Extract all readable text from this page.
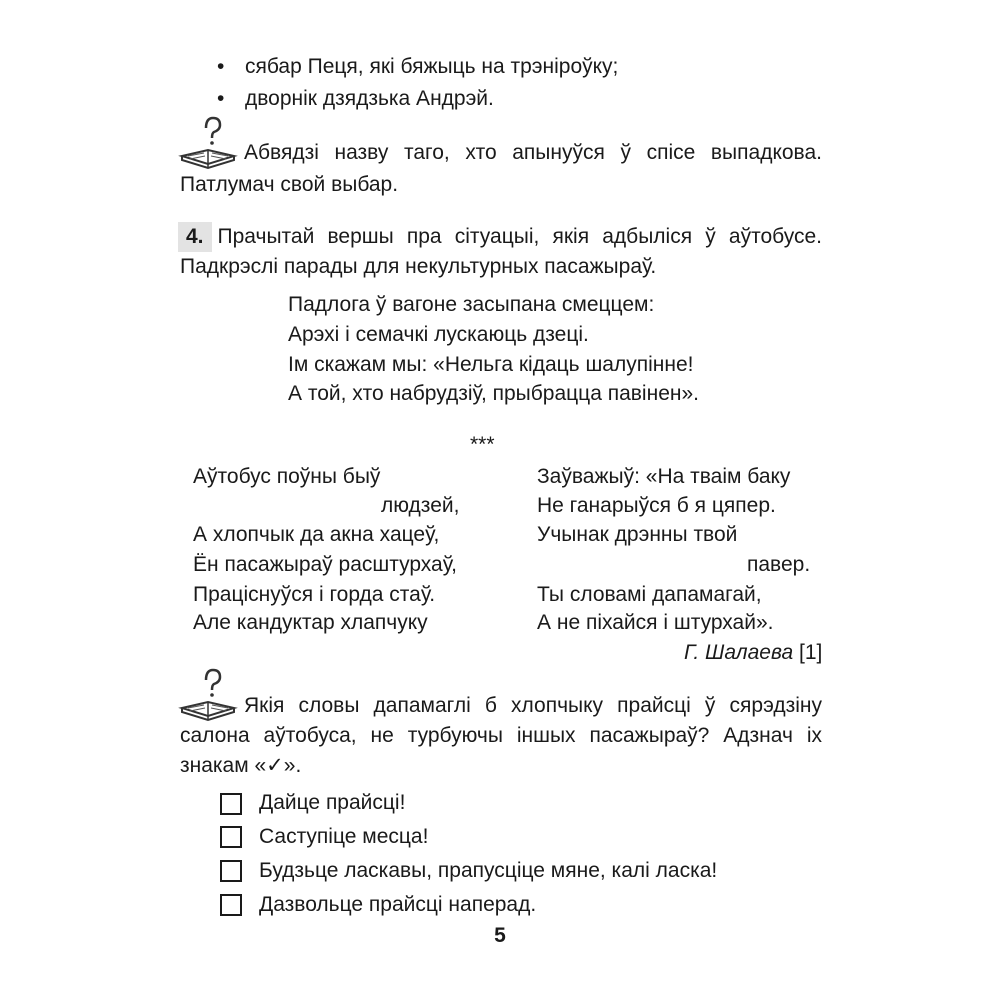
• сябар Пеця, які бяжыць на трэніроўку;
• дворнік дзядзька Андрэй.
Абвядзі назву таго, хто апынуўся ў спісе выпадкова.
Патлумач свой выбар.
4. Прачытай вершы пра сітуацыі, якія адбыліся ў аўтобусе.
Падкрэслі парады для некультурных пасажыраў.
Падлога ў вагоне засыпана смеццем:
Арэхі і семачкі лускаюць дзеці.
Ім скажам мы: «Нельга кідаць шалупінне!
А той, хто набрудзіў, прыбрацца павінен».
***
Аўтобус поўны быў
людзей,
А хлопчык да акна хацеў,
Ён пасажыраў расштурхаў,
Праціснуўся і горда стаў.
Але кандуктар хлапчуку
Заўважыў: «На тваім баку
Не ганарыўся б я цяпер.
Учынак дрэнны твой
павер.
Ты словамі дапамагай,
А не піхайся і штурхай».
Г. Шалаева [1]
Якія словы дапамаглі б хлопчыку прайсці ў сярэдзіну
салона аўтобуса, не турбуючы іншых пасажыраў? Адзнач іх
знакам «✓».
Дайце прайсці!
Саступіце месца!
Будзьце ласкавы, прапусціце мяне, калі ласка!
Дазвольце прайсці наперад.
5
